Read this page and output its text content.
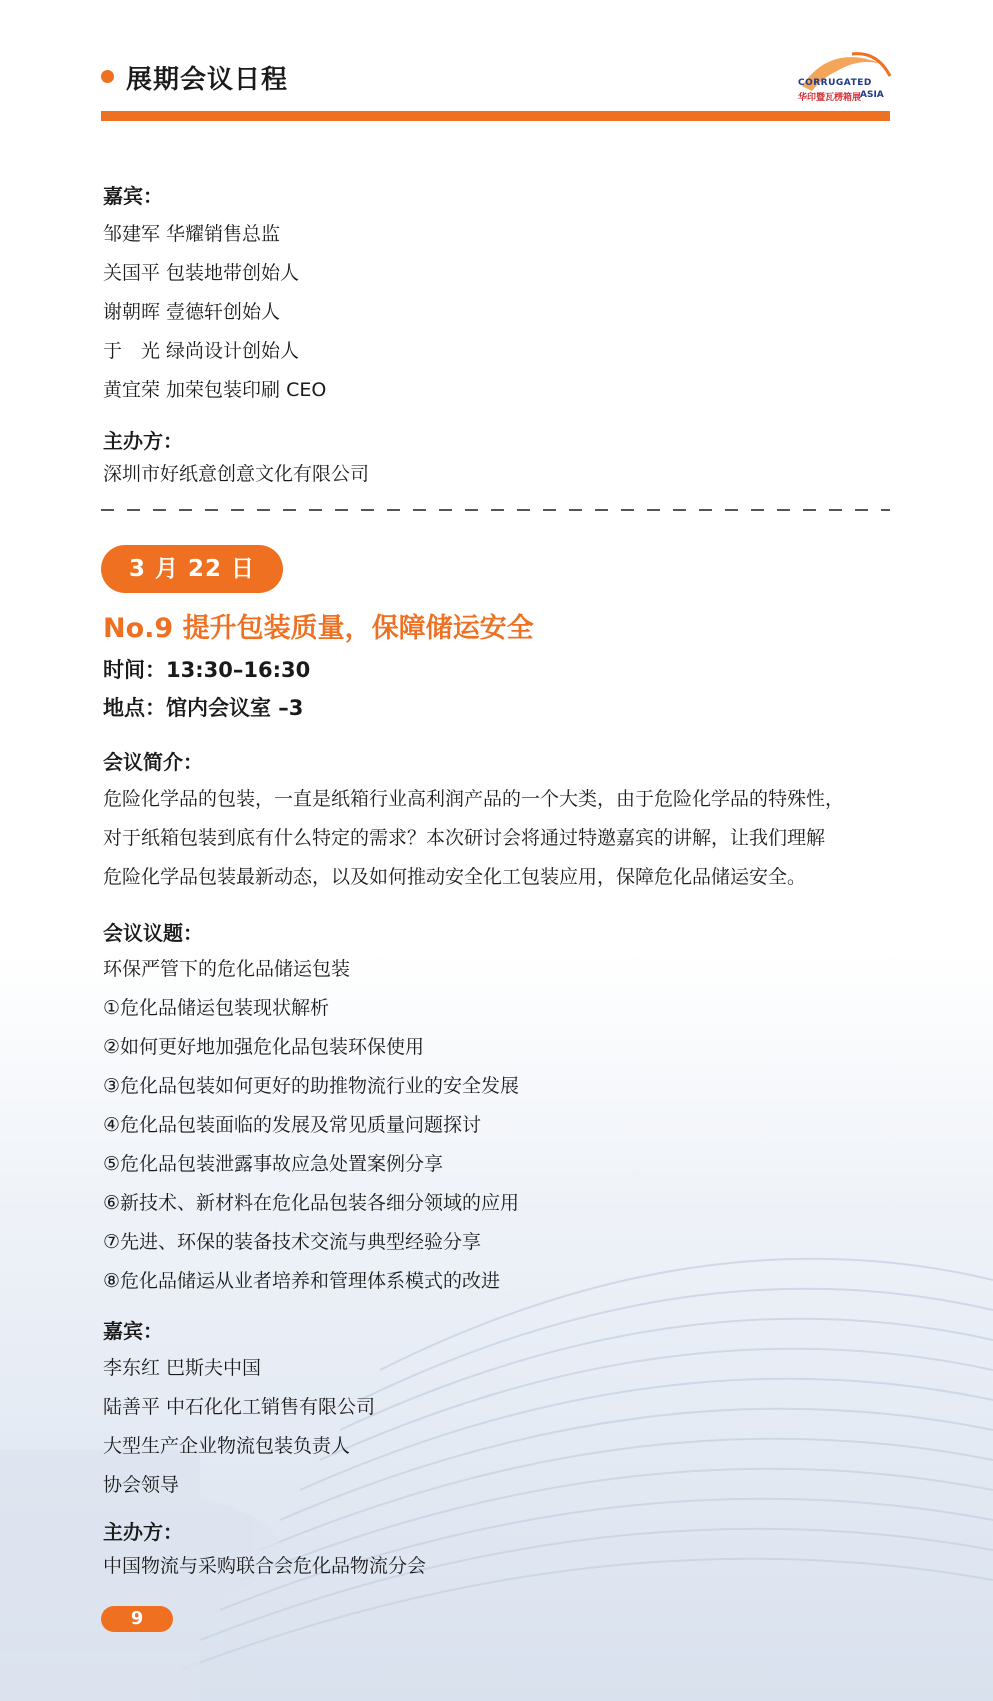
展期会议日程	CORRUGATED
华印暨瓦楞箱展
ASIA
嘉宾：
邹建军 华耀销售总监
关国平 包装地带创始人
谢朝晖 壹德轩创始人
于　光 绿尚设计创始人
黄宜荣 加荣包装印刷 CEO
主办方：
深圳市好纸意创意文化有限公司
3 月 22 日
No.9 提升包装质量，保障储运安全
时间：13:30–16:30
地点：馆内会议室 –3
会议简介：
危险化学品的包装，一直是纸箱行业高利润产品的一个大类，由于危险化学品的特殊性，
对于纸箱包装到底有什么特定的需求？本次研讨会将通过特邀嘉宾的讲解，让我们理解
危险化学品包装最新动态，以及如何推动安全化工包装应用，保障危化品储运安全。
会议议题：
环保严管下的危化品储运包装
①危化品储运包装现状解析
②如何更好地加强危化品包装环保使用
③危化品包装如何更好的助推物流行业的安全发展
④危化品包装面临的发展及常见质量问题探讨
⑤危化品包装泄露事故应急处置案例分享
⑥新技术、新材料在危化品包装各细分领域的应用
⑦先进、环保的装备技术交流与典型经验分享
⑧危化品储运从业者培养和管理体系模式的改进
嘉宾：
李东红 巴斯夫中国
陆善平 中石化化工销售有限公司
大型生产企业物流包装负责人
协会领导
主办方：
中国物流与采购联合会危化品物流分会
9
